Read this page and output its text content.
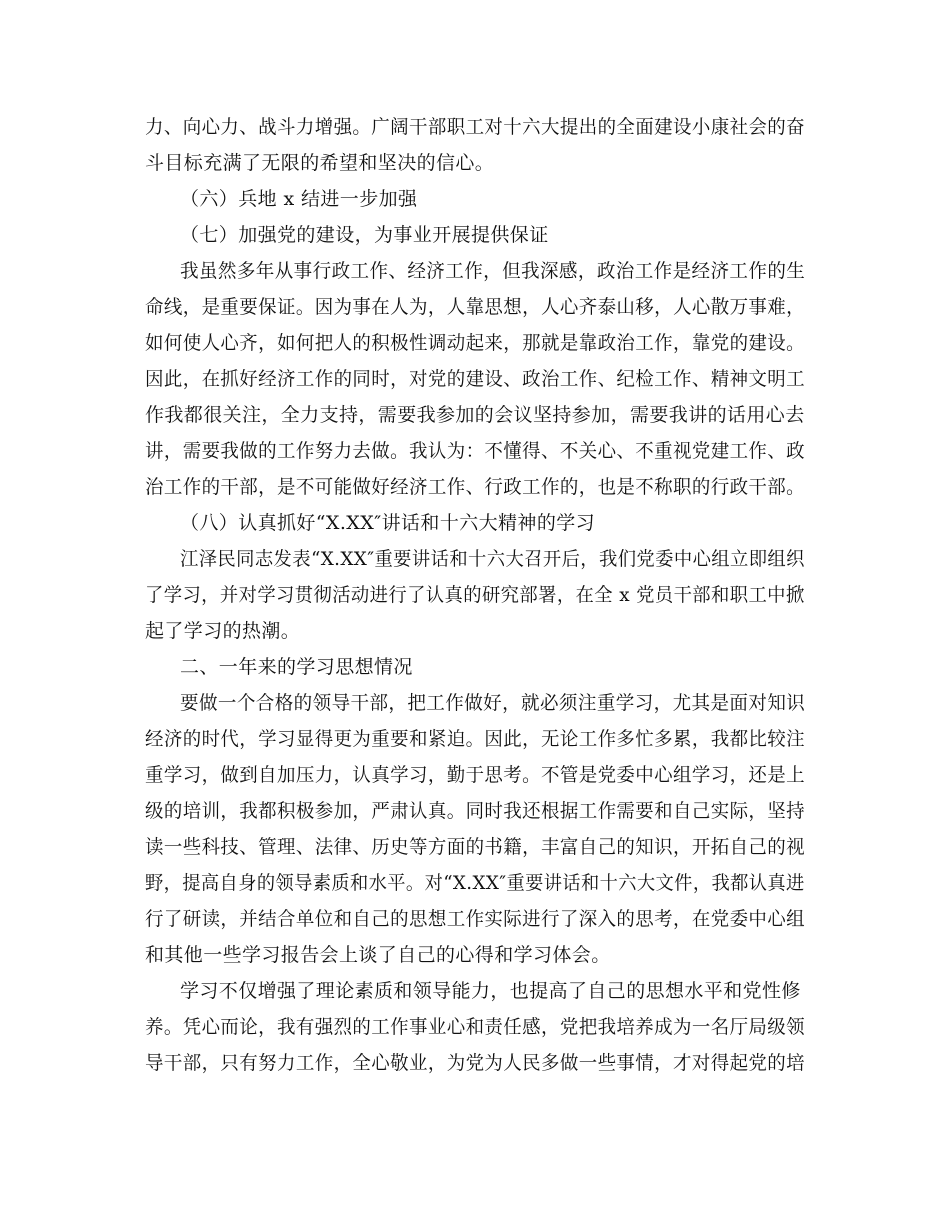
力、向心力、战斗力增强。广阔干部职工对十六大提出的全面建设小康社会的奋
斗目标充满了无限的希望和坚决的信心。
（六）兵地 x 结进一步加强
（七）加强党的建设，为事业开展提供保证
我虽然多年从事行政工作、经济工作，但我深感，政治工作是经济工作的生
命线，是重要保证。因为事在人为，人靠思想，人心齐泰山移，人心散万事难，
如何使人心齐，如何把人的积极性调动起来，那就是靠政治工作，靠党的建设。
因此，在抓好经济工作的同时，对党的建设、政治工作、纪检工作、精神文明工
作我都很关注，全力支持，需要我参加的会议坚持参加，需要我讲的话用心去
讲，需要我做的工作努力去做。我认为：不懂得、不关心、不重视党建工作、政
治工作的干部，是不可能做好经济工作、行政工作的，也是不称职的行政干部。
（八）认真抓好“X.XX″讲话和十六大精神的学习
江泽民同志发表“X.XX″重要讲话和十六大召开后，我们党委中心组立即组织
了学习，并对学习贯彻活动进行了认真的研究部署，在全 x 党员干部和职工中掀
起了学习的热潮。
二、一年来的学习思想情况
要做一个合格的领导干部，把工作做好，就必须注重学习，尤其是面对知识
经济的时代，学习显得更为重要和紧迫。因此，无论工作多忙多累，我都比较注
重学习，做到自加压力，认真学习，勤于思考。不管是党委中心组学习，还是上
级的培训，我都积极参加，严肃认真。同时我还根据工作需要和自己实际，坚持
读一些科技、管理、法律、历史等方面的书籍，丰富自己的知识，开拓自己的视
野，提高自身的领导素质和水平。对“X.XX″重要讲话和十六大文件，我都认真进
行了研读，并结合单位和自己的思想工作实际进行了深入的思考，在党委中心组
和其他一些学习报告会上谈了自己的心得和学习体会。
学习不仅增强了理论素质和领导能力，也提高了自己的思想水平和党性修
养。凭心而论，我有强烈的工作事业心和责任感，党把我培养成为一名厅局级领
导干部，只有努力工作，全心敬业，为党为人民多做一些事情，才对得起党的培
